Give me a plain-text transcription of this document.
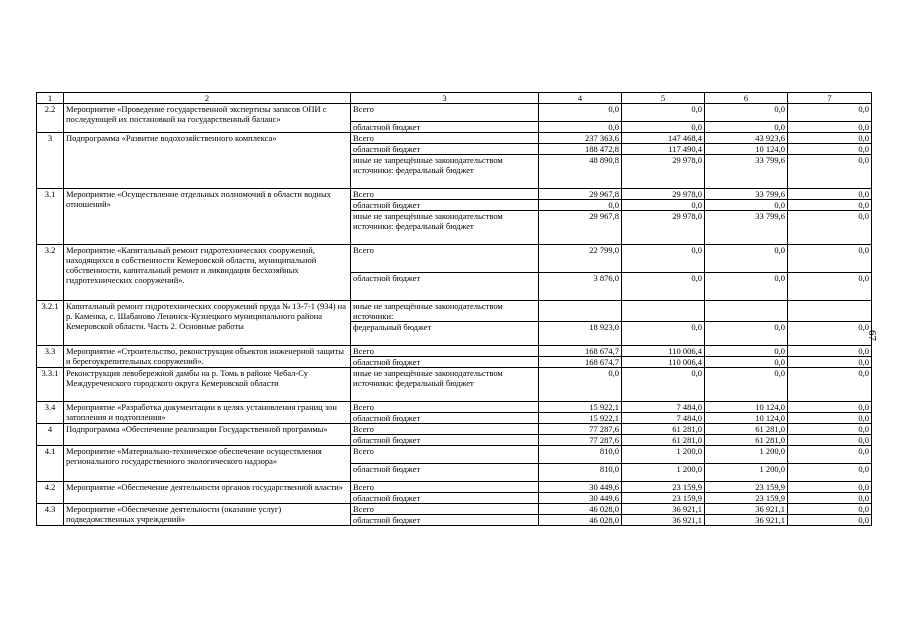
1	2	3	4	5	6	7
2.2	Мероприятие «Проведение государственной экспертизы запасов ОПИ с последующей их постановкой на государственный баланс»	Всего	0,0	0,0	0,0	0,0
		областной бюджет	0,0	0,0	0,0	0,0
3	Подпрограмма «Развитие водохозяйственного комплекса»	Всего	237 363,6	147 468,4	43 923,6	0,0
		областной бюджет	188 472,8	117 490,4	10 124,0	0,0
		иные не запрещённые законодательством источники: федеральный бюджет	48 890,8	29 978,0	33 799,6	0,0
3.1	Мероприятие «Осуществление отдельных полномочий в области водных отношений»	Всего	29 967,8	29 978,0	33 799,6	0,0
		областной бюджет	0,0	0,0	0,0	0,0
		иные не запрещённые законодательством источники: федеральный бюджет	29 967,8	29 978,0	33 799,6	0,0
3.2	Мероприятие «Капитальный ремонт гидротехнических сооружений, находящихся в собственности Кемеровской области, муниципальной собственности, капитальный ремонт и ликвидация бесхозяйных гидротехнических сооружений».	Всего	22 799,0	0,0	0,0	0,0
		областной бюджет	3 876,0	0,0	0,0	0,0
3.2.1	Капитальный ремонт гидротехнических сооружений пруда № 13-7-1 (934) на р. Каменка, с. Шабаново Ленинск-Кузнецкого муниципального района Кемеровской области. Часть 2. Основные работы	иные не запрещённые законодательством источники:				
		федеральный бюджет	18 923,0	0,0	0,0	0,0
3.3	Мероприятие «Строительство, реконструкция объектов инженерной защиты и берегоукрепительных сооружений».	Всего	168 674,7	110 006,4	0,0	0,0
		областной бюджет	168 674,7	110 006,4	0,0	0,0
3.3.1	Реконструкция левобережной дамбы на р. Томь в районе Чебал-Су Междуреченского городского округа Кемеровской области	иные не запрещённые законодательством источники: федеральный бюджет	0,0	0,0	0,0	0,0
3.4	Мероприятие «Разработка документации в целях установления границ зон затопления и подтопления»	Всего	15 922,1	7 484,0	10 124,0	0,0
		областной бюджет	15 922,1	7 484,0	10 124,0	0,0
4	Подпрограмма «Обеспечение реализации Государственной программы»	Всего	77 287,6	61 281,0	61 281,0	0,0
		областной бюджет	77 287,6	61 281,0	61 281,0	0,0
4.1	Мероприятие «Материально-техническое обеспечение осуществления регионального государственного экологического надзора»	Всего	810,0	1 200,0	1 200,0	0,0
		областной бюджет	810,0	1 200,0	1 200,0	0,0
4.2	Мероприятие «Обеспечение деятельности органов государственной власти»	Всего	30 449,6	23 159,9	23 159,9	0,0
		областной бюджет	30 449,6	23 159,9	23 159,9	0,0
4.3	Мероприятие «Обеспечение деятельности (оказание услуг) подведомственных учреждений»	Всего	46 028,0	36 921,1	36 921,1	0,0
		областной бюджет	46 028,0	36 921,1	36 921,1	0,0
67
